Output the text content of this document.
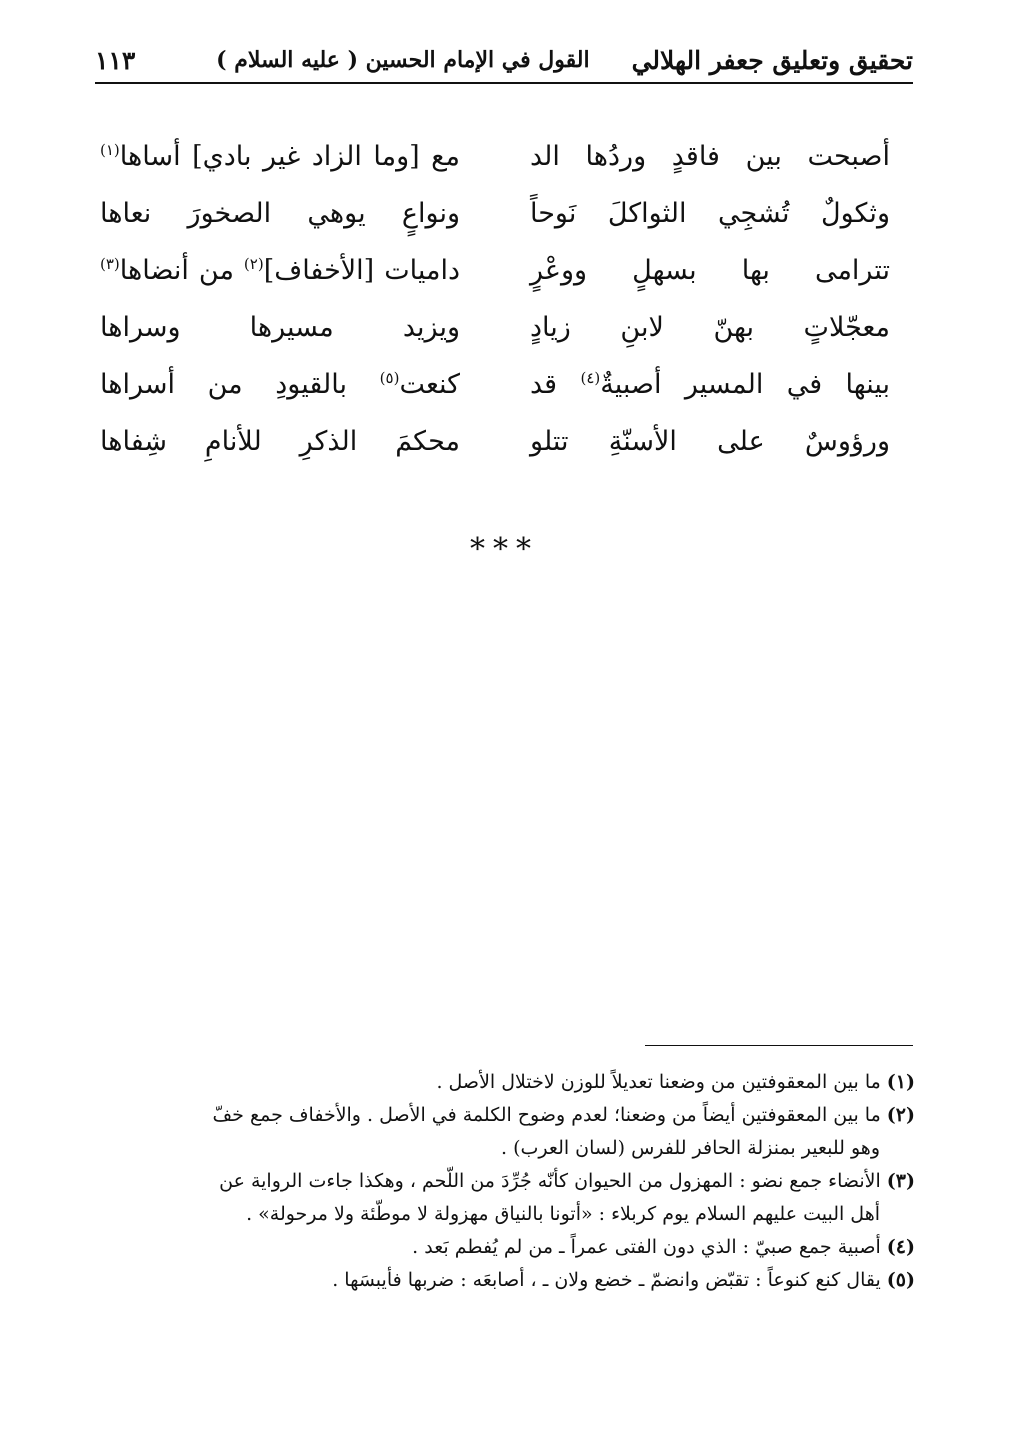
تحقيق وتعليق جعفر الهلالي
القول في الإمام الحسين ( عليه السلام )
١١٣
أصبحت بين فاقدٍ وردُها الد
مع [وما الزاد غير بادي] أساها$^{(١)}$
وثكولٌ تُشجِي الثواكلَ نَوحاً
ونواعٍ يوهي الصخورَ نعاها
تترامى بها بسهلٍ ووعْرٍ
داميات [الأخفاف]$^{(٢)}$ من أنضاها$^{(٣)}$
معجّلاتٍ بهنّ لابنِ زيادٍ
ويزيد مسيرها وسراها
بينها في المسير أصبيةٌ$^{(٤)}$ قد
كنعت$^{(٥)}$ بالقيودِ من أسراها
ورؤوسٌ على الأسنّةِ تتلو
محكمَ الذكرِ للأنامِ شِفاها
***
(١)ما بين المعقوفتين من وضعنا تعديلاً للوزن لاختلال الأصل .
(٢)ما بين المعقوفتين أيضاً من وضعنا؛ لعدم وضوح الكلمة في الأصل . والأخفاف جمع خفّ
وهو للبعير بمنزلة الحافر للفرس (لسان العرب) .
(٣)الأنضاء جمع نضو : المهزول من الحيوان كأنّه جُرِّدَ من اللّحم ، وهكذا جاءت الرواية عن
أهل البيت عليهم السلام يوم كربلاء : «أتونا بالنياق مهزولة لا موطّئة ولا مرحولة» .
(٤)أصبية جمع صبيّ : الذي دون الفتى عمراً ـ من لم يُفطم بَعد .
(٥)يقال كنع كنوعاً : تقبّض وانضمّ ـ خضع ولان ـ ، أصابعَه : ضربها فأيبسَها .
